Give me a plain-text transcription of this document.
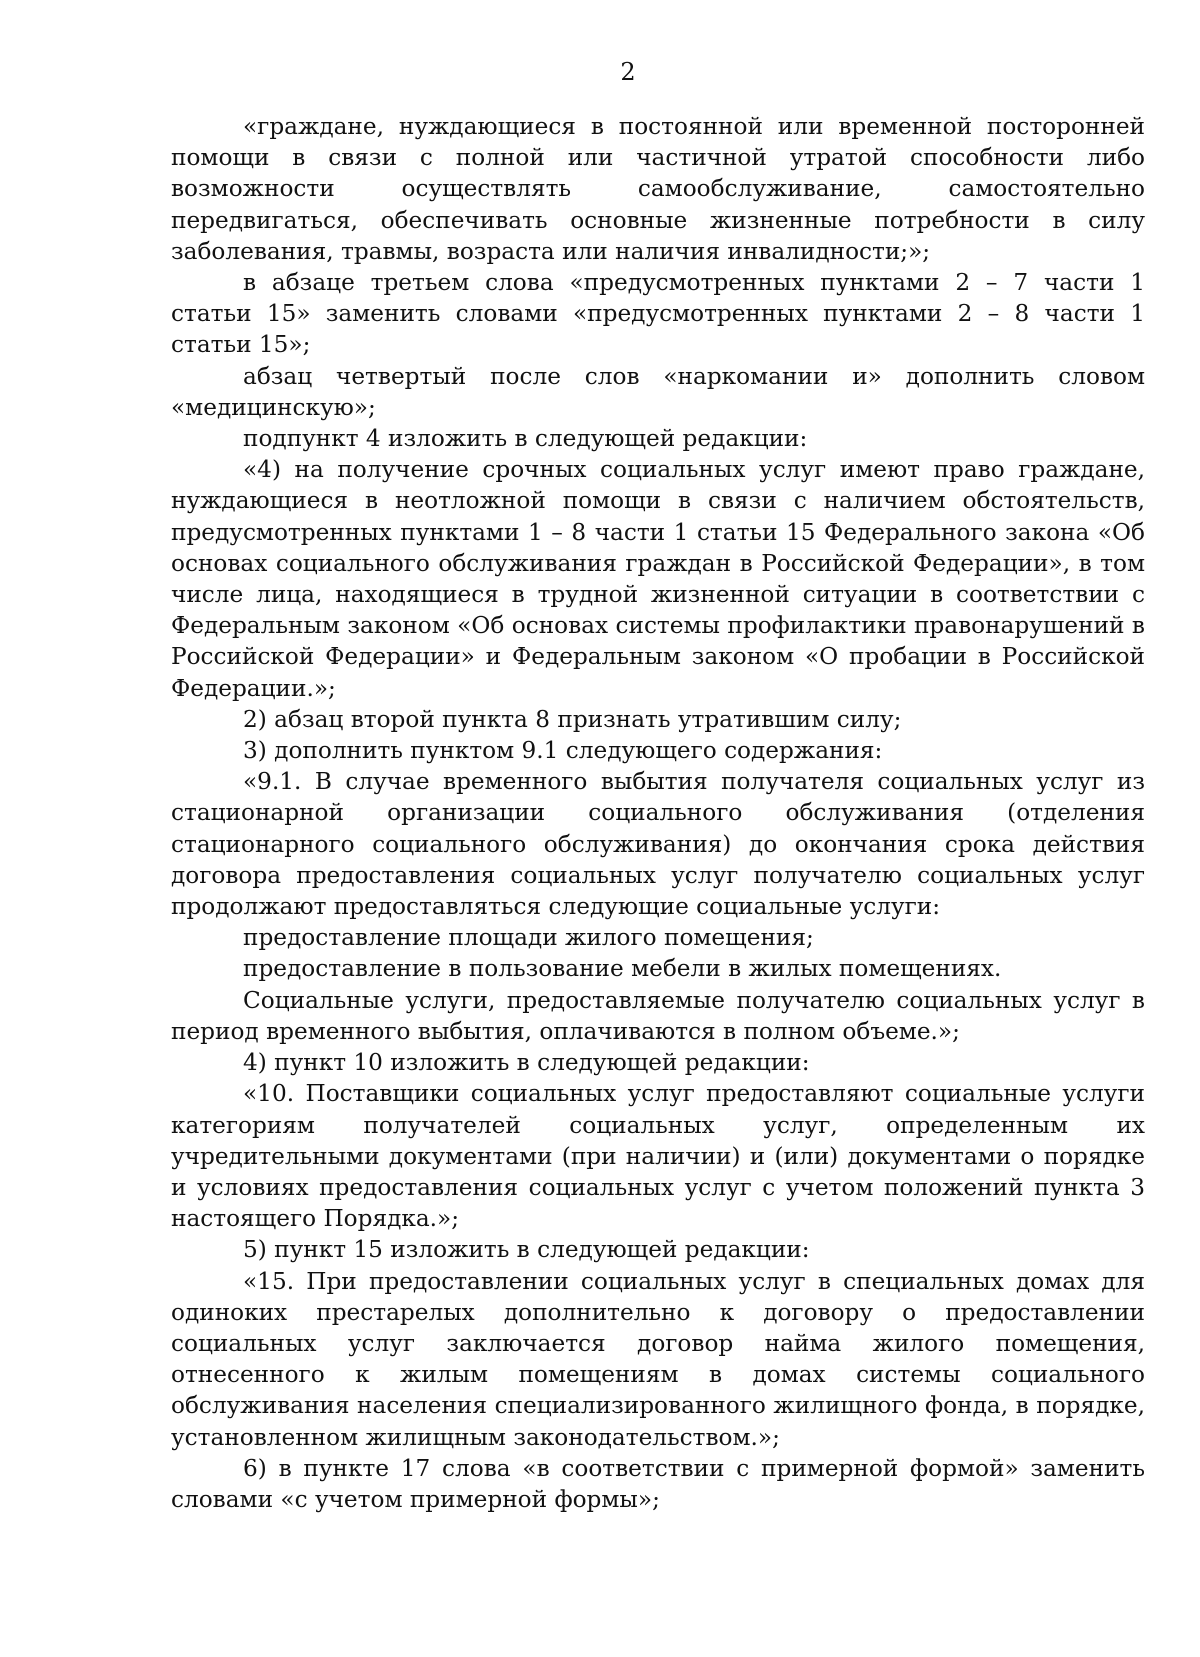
2

«граждане, нуждающиеся в постоянной или временной посторонней помощи в связи с полной или частичной утратой способности либо возможности осуществлять самообслуживание, самостоятельно передвигаться, обеспечивать основные жизненные потребности в силу заболевания, травмы, возраста или наличия инвалидности;»;

в абзаце третьем слова «предусмотренных пунктами 2 – 7 части 1 статьи 15» заменить словами «предусмотренных пунктами 2 – 8 части 1 статьи 15»;

абзац четвертый после слов «наркомании и» дополнить словом «медицинскую»;

подпункт 4 изложить в следующей редакции:

«4) на получение срочных социальных услуг имеют право граждане, нуждающиеся в неотложной помощи в связи с наличием обстоятельств, предусмотренных пунктами 1 – 8 части 1 статьи 15 Федерального закона «Об основах социального обслуживания граждан в Российской Федерации», в том числе лица, находящиеся в трудной жизненной ситуации в соответствии с Федеральным законом «Об основах системы профилактики правонарушений в Российской Федерации» и Федеральным законом «О пробации в Российской Федерации.»;

2) абзац второй пункта 8 признать утратившим силу;

3) дополнить пунктом 9.1 следующего содержания:

«9.1. В случае временного выбытия получателя социальных услуг из стационарной организации социального обслуживания (отделения стационарного социального обслуживания) до окончания срока действия договора предоставления социальных услуг получателю социальных услуг продолжают предоставляться следующие социальные услуги:

предоставление площади жилого помещения;

предоставление в пользование мебели в жилых помещениях.

Социальные услуги, предоставляемые получателю социальных услуг в период временного выбытия, оплачиваются в полном объеме.»;

4) пункт 10 изложить в следующей редакции:

«10. Поставщики социальных услуг предоставляют социальные услуги категориям получателей социальных услуг, определенным их учредительными документами (при наличии) и (или) документами о порядке и условиях предоставления социальных услуг с учетом положений пункта 3 настоящего Порядка.»;

5) пункт 15 изложить в следующей редакции:

«15. При предоставлении социальных услуг в специальных домах для одиноких престарелых дополнительно к договору о предоставлении социальных услуг заключается договор найма жилого помещения, отнесенного к жилым помещениям в домах системы социального обслуживания населения специализированного жилищного фонда, в порядке, установленном жилищным законодательством.»;

6) в пункте 17 слова «в соответствии с примерной формой» заменить словами «с учетом примерной формы»;
